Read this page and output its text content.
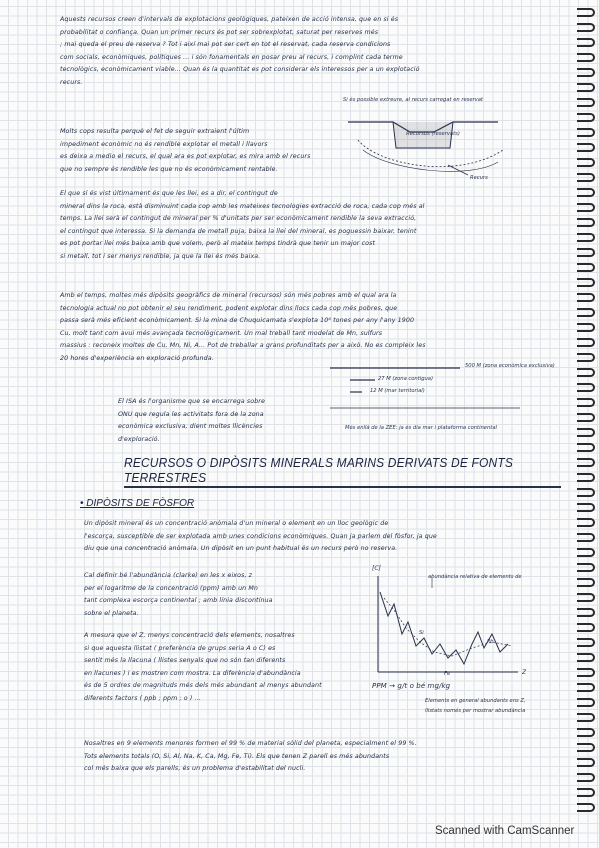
Aquests recursos creen d'intervals de explotacions geològiques, pateixen de acció intensa, que en si és
probabilitat o confiança. Quan un primer recurs és pot ser sobrexplotat, saturat per reserves més
; mai queda el preu de reserva ? Tot i així mai pot ser cert en tot el reservat, cada reserva condicions
com socials, econòmiques, polítiques ... i són fonamentals en posar preu al recurs, i complint cada terme
tecnològics, econòmicament viable... Quan és la quantitat es pot considerar els interessos per a un explotació
recurs.
Si és possible extreure, al recurs carregat en reservat
Recursos (reservats)
Recurs
Molts cops resulta perquè el fet de seguir extraient l'últim
impediment econòmic no és rendible explotar el metall i llavors
es deixa a medio el recurs, el qual ara es pot explotar, es mira amb el recurs
que no sempre és rendible les que no és econòmicament rentable.
El que sí és vist últimament és que les llei, es a dir, el contingut de
mineral dins la roca, està disminuint cada cop amb les mateixes tecnologies extracció de roca, cada cop més al
temps. La llei serà el contingut de mineral per % d'unitats per ser econòmicament rendible la seva extracció,
el contingut que interessa. Si la demanda de metall puja, baixa la llei del mineral, es poguessin baixar, tenint
es pot portar llei més baixa amb que volem, però al mateix temps tindrà que tenir un major cost
si metall, tot i ser menys rendible, ja que la llei és més baixa.
Amb el temps, moltes més dipòsits geogràfics de mineral (recursos) són més pobres amb el qual ara la
tecnologia actual no pot obtenir el seu rendiment, podent explotar dins llocs cada cop més pobres, que
passa serà més eficient econòmicament. Si la mina de Chuquicamata s'explota 10⁶ tones per any l'any 1900
Cu, molt tant com avui més avançada tecnològicament. Un mal treball tant modelat de Mn, sulfurs
massius : reconeix moltes de Cu, Mn, Ni, A... Pot de treballar a grans profunditats per a això. No es compleix les
20 hores d'experiència en exploració profunda.
500 M (zona econòmica exclusiva)
27 M (zona contigua)
12 M (mar territorial)
Més enllà de la ZEE: ja és dia mar i plataforma continental
El ISA és l'organisme que se encarrega sobre
ONU que regula les activitats fora de la zona
econòmica exclusiva, dient moltes llicències
d'exploració.
RECURSOS O DIPÒSITS MINERALS MARINS DERIVATS DE FONTS TERRESTRES
• DIPÒSITS DE FÒSFOR
Un dipòsit mineral és un concentració anòmala d'un mineral o element en un lloc geològic de
l'escorça, susceptible de ser explotada amb unes condicions econòmiques. Quan ja parlem del fòsfor, ja que
diu que una concentració anòmala. Un dipòsit en un punt habitual és un recurs però no reserva.
Cal definir bé l'abundància (clarke) en les x eixos, z
per el logaritme de la concentració (ppm) amb un Mn
tant complexa escorça continental ; amb línia discontínua
sobre el planeta.
A mesura que el Z, menys concentració dels elements, nosaltres
si que aquesta llistat ( preferència de grups seria A o C) es
sentit més la llacuna ( llistes senyals que no són tan diferents
en llacunes ) i es mostren com mostra. La diferència d'abundància
és de 5 ordres de magnituds més dels més abundant al menys abundant
diferents factors ( ppb ; ppm ; o ) ...
[C]
abundància relativa de elements de
Si
Fe
Pb
Z
PPM → g/t o bé mg/kg
Elements en general abundants ens Z, llistats només per mostrar abundància
Nosaltres en 9 elements menores formen el 99 % de material sòlid del planeta, especialment el 99 %.
Tots elements totals (O, Si, Al, Na, K, Ca, Mg, Fe, Ti). Els que tenen Z parell es més abundants
col més baixa que els parells, és un problema d'estabilitat del nucli.
Scanned with CamScanner
